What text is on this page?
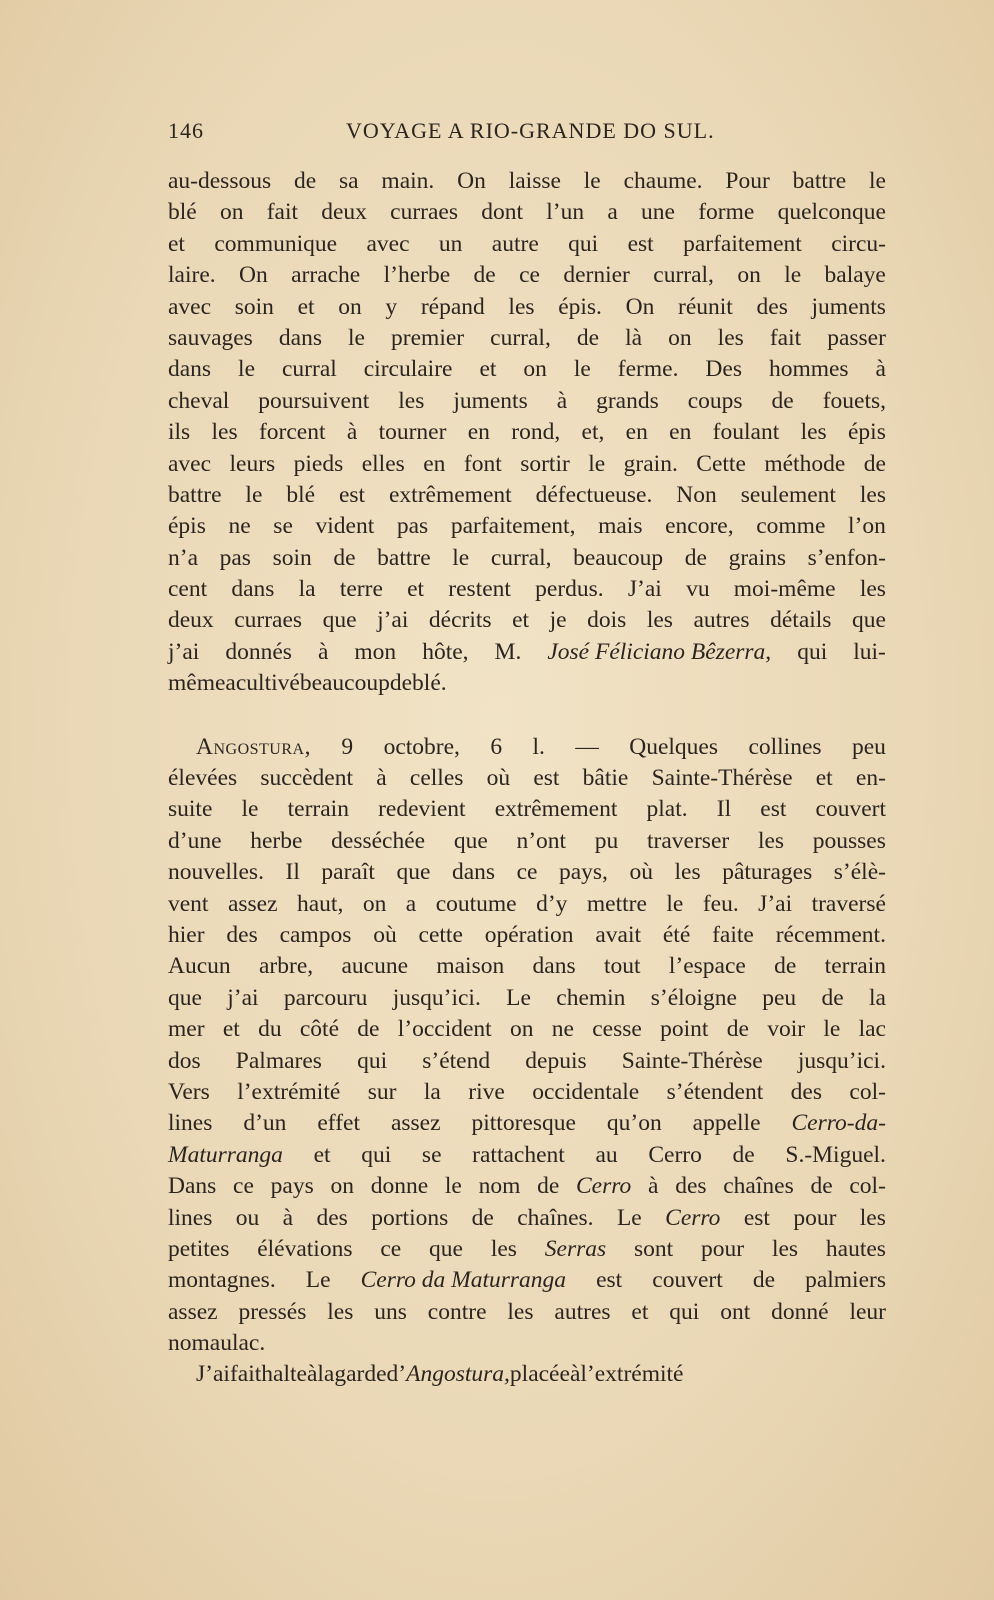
146	VOYAGE A RIO-GRANDE DO SUL.
au-dessous de sa main. On laisse le chaume. Pour battre le
blé on fait deux curraes dont l’un a une forme quelconque
et communique avec un autre qui est parfaitement circu-
laire. On arrache l’herbe de ce dernier curral, on le balaye
avec soin et on y répand les épis. On réunit des juments
sauvages dans le premier curral, de là on les fait passer
dans le curral circulaire et on le ferme. Des hommes à
cheval poursuivent les juments à grands coups de fouets,
ils les forcent à tourner en rond, et, en en foulant les épis
avec leurs pieds elles en font sortir le grain. Cette méthode de
battre le blé est extrêmement défectueuse. Non seulement les
épis ne se vident pas parfaitement, mais encore, comme l’on
n’a pas soin de battre le curral, beaucoup de grains s’enfon-
cent dans la terre et restent perdus. J’ai vu moi-même les
deux curraes que j’ai décrits et je dois les autres détails que
j’ai donnés à mon hôte, M. José Féliciano Bêzerra, qui lui-
même a cultivé beaucoup de blé.
Angostura, 9 octobre, 6 l. — Quelques collines peu
élevées succèdent à celles où est bâtie Sainte-Thérèse et en-
suite le terrain redevient extrêmement plat. Il est couvert
d’une herbe desséchée que n’ont pu traverser les pousses
nouvelles. Il paraît que dans ce pays, où les pâturages s’élè-
vent assez haut, on a coutume d’y mettre le feu. J’ai traversé
hier des campos où cette opération avait été faite récemment.
Aucun arbre, aucune maison dans tout l’espace de terrain
que j’ai parcouru jusqu’ici. Le chemin s’éloigne peu de la
mer et du côté de l’occident on ne cesse point de voir le lac
dos Palmares qui s’étend depuis Sainte-Thérèse jusqu’ici.
Vers l’extrémité sur la rive occidentale s’étendent des col-
lines d’un effet assez pittoresque qu’on appelle Cerro-da-
Maturranga et qui se rattachent au Cerro de S.-Miguel.
Dans ce pays on donne le nom de Cerro à des chaînes de col-
lines ou à des portions de chaînes. Le Cerro est pour les
petites élévations ce que les Serras sont pour les hautes
montagnes. Le Cerro da Maturranga est couvert de palmiers
assez pressés les uns contre les autres et qui ont donné leur
nom au lac.
J’ai fait halte à la garde d’ Angostura, placée à l’extrémité
